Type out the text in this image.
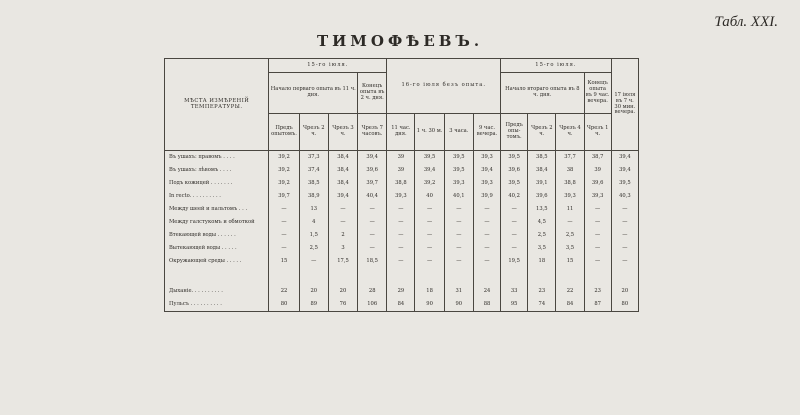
Табл. XXI.
ТИМОФѢЕВЪ.
МѢСТА ИЗМѢРЕНІЙ ТЕМПЕРАТУРЫ.	15-го іюля.				16-го іюля безъ опыта.				15-го іюля.				17 іюля въ 7 ч. 30 мин. вечера.
	Начало перваго опыта въ 11 ч. дня.			Конецъ опыта въ 2 ч. дня.					Начало втораго опыта въ 8 ч. дня.			Конецъ опыта въ 9 час. вечера.	
	Предъ опытомъ.	Чрезъ 2 ч.	Чрезъ 3 ч.	Чрезъ 7 часовъ.	11 час. дня.	1 ч. 30 м.	3 часа.	9 час. вечера.	Предъ опытомъ.	Чрезъ 2 ч.	Чрезъ 4 ч.	Чрезъ 1 ч.	
Въ ушахъ: правомъ . . . .	39,2	37,3	38,4	39,4	39	39,5	39,5	39,3	39,5	38,5	37,7	38,7	39,4
Въ ушахъ: лѣвомъ . . . .	39,2	37,4	38,4	39,6	39	39,4	39,5	39,4	39,6	38,4	38	39	39,4
Подъ кожицей . . . . . . .	39,2	38,5	38,4	39,7	38,8	39,2	39,3	39,3	39,5	39,1	38,8	39,6	39,5
In recto. . . . . . . . . .	39,7	38,9	39,4	40,4	39,3	40	40,1	39,9	40,2	39,6	39,3	39,3	40,3
Между шеей и пальтомъ . . .	—	13	—	—	—	—	—	—	—	13,5	11	—	—
Между галстукомъ и обмоткой	—	4	—	—	—	—	—	—	—	4,5	—	—	—
Втекающей воды . . . . . .	—	1,5	2	—	—	—	—	—	—	2,5	2,5	—	—
Вытекающей воды . . . . .	—	2,5	3	—	—	—	—	—	—	3,5	3,5	—	—
Окружающей среды . . . . .	15	—	17,5	18,5	—	—	—	—	19,5	18	15	—	—

Дыханіе. . . . . . . . . .	22	20	20	28	29	18	31	24	33	23	22	23	20
Пульсъ . . . . . . . . . .	80	89	76	106	84	90	90	88	95	74	84	87	80
